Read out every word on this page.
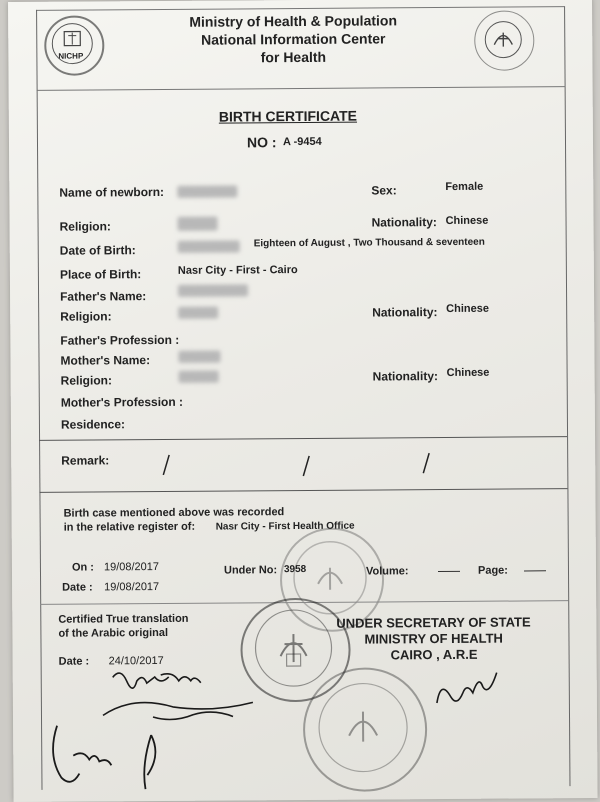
NICHP
Ministry of Health & Population
National Information Center
for Health
BIRTH CERTIFICATE
NO : A -9454
Name of newborn:	Sex:	Female
Religion:	Nationality: Chinese
Date of Birth:
Eighteen of August , Two Thousand & seventeen
Place of Birth:	Nasr City - First - Cairo
Father's Name:
Religion:	Nationality: Chinese
Father's Profession :
Mother's Name:
Religion:	Nationality: Chinese
Mother's Profession :
Residence:
Remark:
Birth case mentioned above was recorded
in the relative register of: Nasr City - First Health Office
On : 19/08/2017	Under No: 3958	Volume:	Page:
Date : 19/08/2017
Certified True translation
of the Arabic original
Date : 24/10/2017
UNDER SECRETARY OF STATE
MINISTRY OF HEALTH
CAIRO , A.R.E
